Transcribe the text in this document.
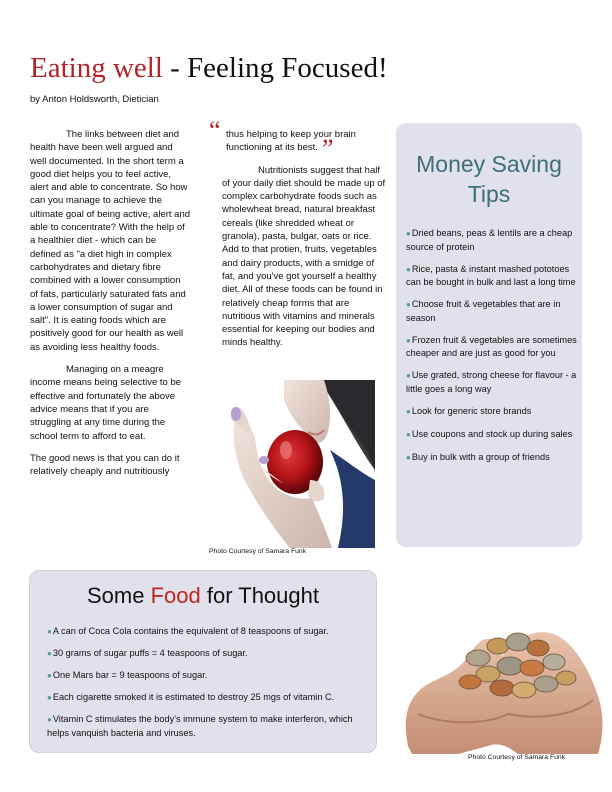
Eating well - Feeling Focused!
by Anton Holdsworth, Dietician

The links between diet and health have been well argued and well documented. In the short term a good diet helps you to feel active, alert and able to concentrate. So how can you manage to achieve the ultimate goal of being active, alert and able to concentrate? With the help of a healthier diet - which can be defined as "a diet high in complex carbohydrates and dietary fibre combined with a lower consumption of fats, particularly saturated fats and a lower consumption of sugar and salt". It is eating foods which are positively good for our health as well as avoiding less healthy foods.

Managing on a meagre income means being selective to be effective and fortunately the above advice means that if you are struggling at any time during the school term to afford to eat.

The good news is that you can do it relatively cheaply and nutritiously

“
”

thus helping to keep your brain functioning at its best.

Nutritionists suggest that half of your daily diet should be made up of complex carbohydrate foods such as wholewheat bread, natural breakfast cereals (like shredded wheat or granola), pasta, bulgar, oats or rice. Add to that protien, fruits, vegetables and dairy products, with a smidge of fat, and you've got yourself a healthy diet. All of these foods can be found in relatively cheap forms that are nutritious with vitamins and minerals essential for keeping our bodies and minds healthy.

Photo Courtesy of Samara Funk
Money Saving
Tips
●Dried beans, peas & lentils are a cheap source of protein
●Rice, pasta & instant mashed pototoes can be bought in bulk and last a long time
●Choose fruit & vegetables that are in season
●Frozen fruit & vegetables are sometimes cheaper and are just as good for you
●Use grated, strong cheese for flavour - a little goes a long way
●Look for generic store brands
●Use coupons and stock up during sales
●Buy in bulk with a group of friends
Some Food for Thought
●A can of Coca Cola contains the equivalent of 8 teaspoons of sugar.
●30 grams of sugar puffs = 4 teaspoons of sugar.
●One Mars bar = 9 teaspoons of sugar.
●Each cigarette smoked it is estimated to destroy 25 mgs of vitamin C.
●Vitamin C stimulates the body's immune system to make interferon, which helps vanquish bacteria and viruses.
Photo Courtesy of Samara Funk
